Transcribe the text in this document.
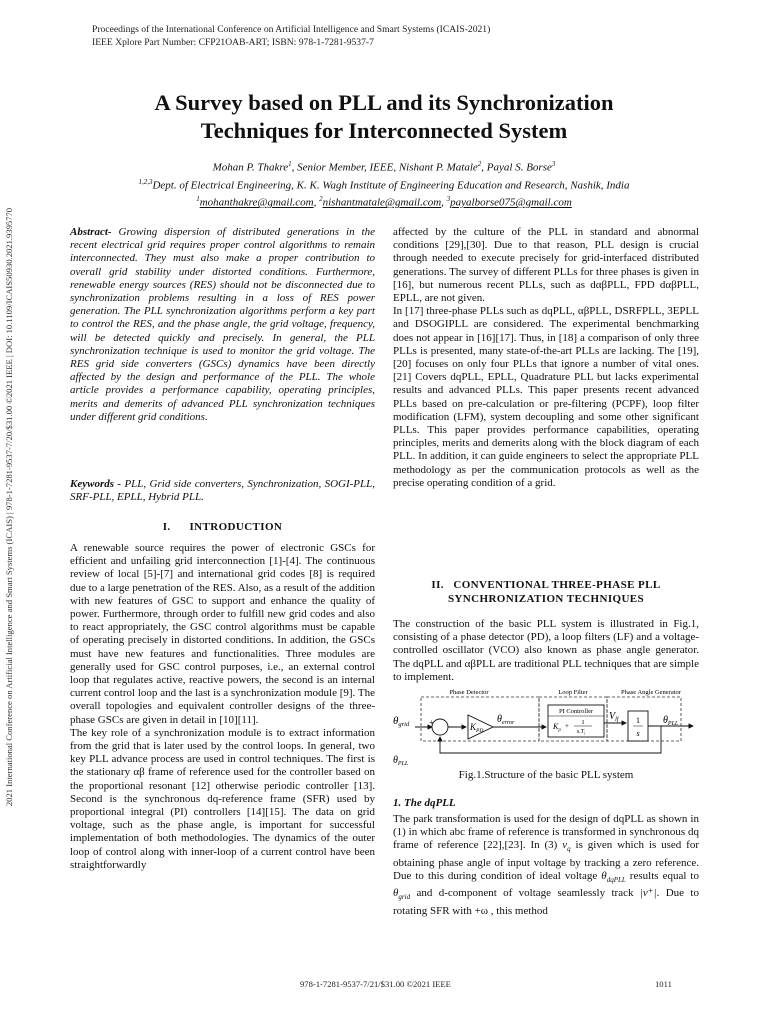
Proceedings of the International Conference on Artificial Intelligence and Smart Systems (ICAIS-2021)
IEEE Xplore Part Number: CFP21OAB-ART; ISBN: 978-1-7281-9537-7
2021 International Conference on Artificial Intelligence and Smart Systems (ICAIS) | 978-1-7281-9537-7/20/$31.00 ©2021 IEEE | DOI: 10.1109/ICAIS50930.2021.9395770
A Survey based on PLL and its Synchronization
Techniques for Interconnected System
Mohan P. Thakre$^1$, Senior Member, IEEE, Nishant P. Matale$^2$, Payal S. Borse$^3$
$^{1,2,3}$Dept. of Electrical Engineering, K. K. Wagh Institute of Engineering Education and Research, Nashik, India
$^1$mohanthakre@gmail.com, $^2$nishantmatale@gmail.com, $^3$payalborse075@gmail.com
Abstract- Growing dispersion of distributed generations in the recent electrical grid requires proper control algorithms to remain interconnected. They must also make a proper contribution to overall grid stability under distorted conditions. Furthermore, renewable energy sources (RES) should not be disconnected due to synchronization problems resulting in a loss of RES power generation. The PLL synchronization algorithms perform a key part to control the RES, and the phase angle, the grid voltage, frequency, will be detected quickly and precisely. In general, the PLL synchronization technique is used to monitor the grid voltage. The RES grid side converters (GSCs) dynamics have been directly affected by the design and performance of the PLL. The whole article provides a performance capability, operating principles, merits and demerits of advanced PLL synchronization techniques under different grid conditions.
Keywords - PLL, Grid side converters, Synchronization, SOGI-PLL, SRF-PLL, EPLL, Hybrid PLL.
I. INTRODUCTION
A renewable source requires the power of electronic GSCs for efficient and unfailing grid interconnection [1]-[4]. The continuous review of local [5]-[7] and international grid codes [8] is required due to a large penetration of the RES. Also, as a result of the addition with new features of GSC to support and enhance the quality of power. Furthermore, through order to fulfill new grid codes and also to react appropriately, the GSC control algorithms must be capable of operating precisely in distorted conditions. In addition, the GSCs must have new features and functionalities. Three modules are generally used for GSC control purposes, i.e., an external control loop that regulates active, reactive powers, the second is an internal current control loop and the last is a synchronization module [9]. The overall topologies and equivalent controller designs of the three-phase GSCs are given in detail in [10][11].
The key role of a synchronization module is to extract information from the grid that is later used by the control loops. In general, two key PLL advance process are used in control techniques. The first is the stationary αβ frame of reference used for the controller based on the proportional resonant [12] otherwise periodic controller [13]. Second is the synchronous dq-reference frame (SFR) used by proportional integral (PI) controllers [14][15]. The data on grid voltage, such as the phase angle, is important for successful implementation of both methodologies. The dynamics of the outer loop of control along with inner-loop of a current control have been straightforwardly
affected by the culture of the PLL in standard and abnormal conditions [29],[30]. Due to that reason, PLL design is crucial through needed to execute precisely for grid-interfaced distributed generations. The survey of different PLLs for three phases is given in [16], but numerous recent PLLs, such as dαβPLL, FPD dαβPLL, EPLL, are not given.
In [17] three-phase PLLs such as dqPLL, αβPLL, DSRFPLL, 3EPLL and DSOGIPLL are considered. The experimental benchmarking does not appear in [16][17]. Thus, in [18] a comparison of only three PLLs is presented, many state-of-the-art PLLs are lacking. The [19],[20] focuses on only four PLLs that ignore a number of vital ones. [21] Covers dqPLL, EPLL, Quadrature PLL but lacks experimental results and advanced PLLs. This paper presents recent advanced PLLs based on pre-calculation or pre-filtering (PCPF), loop filter modification (LFM), system decoupling and some other significant PLLs. This paper provides performance capabilities, operating principles, merits and demerits along with the block diagram of each PLL. In addition, it can guide engineers to select the appropriate PLL methodology as per the communication protocols as well as the precise operating condition of a grid.
II. CONVENTIONAL THREE-PHASE PLL
SYNCHRONIZATION TECHNIQUES
The construction of the basic PLL system is illustrated in Fig.1, consisting of a phase detector (PD), a loop filters (LF) and a voltage-controlled oscillator (VCO) also known as phase angle generator. The dqPLL and αβPLL are traditional PLL techniques that are simple to implement.
Phase Detector	Loop Filter	Phase Angle Generator
θgrid +
−
$K_{PD}$
$\theta_{error}$
PI Controller
$K_p$
+ 1
$s.T_i$
$V_{lf}$ 1
s
$\theta_{PLL}$
$\theta_{PLL}$
Fig.1.Structure of the basic PLL system
1. The dqPLL
The park transformation is used for the design of dqPLL as shown in (1) in which abc frame of reference is transformed in synchronous dq frame of reference [22],[23]. In (3) $v_q$ is given which is used for obtaining phase angle of input voltage by tracking a zero reference. Due to this during condition of ideal voltage $\theta_{dqPLL}$ results equal to $\theta_{grid}$ and d-component of voltage seamlessly track |v⁺|. Due to rotating SFR with +ω , this method
978-1-7281-9537-7/21/$31.00 ©2021 IEEE	1011
